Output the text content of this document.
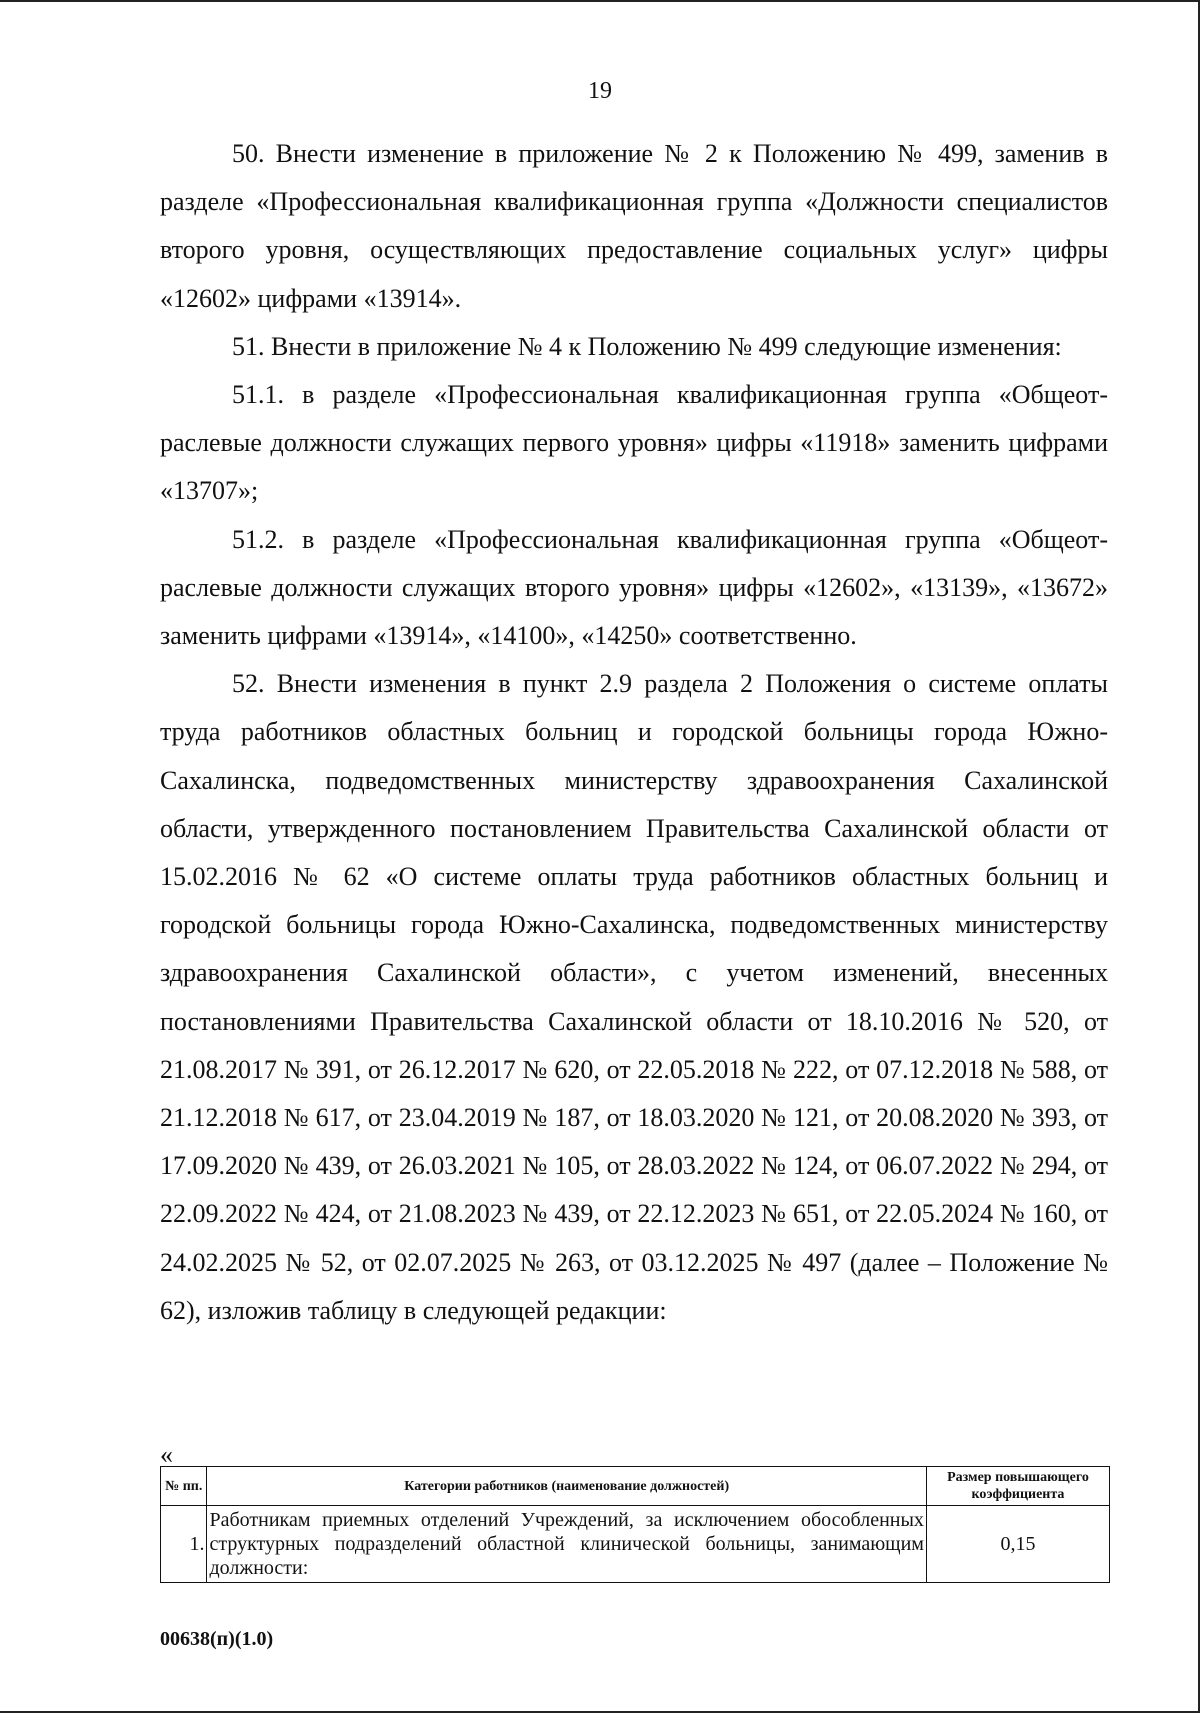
19

50. Внести изменение в приложение № 2 к Положению № 499, заменив в разделе «Профессиональная квалификационная группа «Должности специалистов второго уровня, осуществляющих предоставление социальных услуг» цифры «12602» цифрами «13914».

51. Внести в приложение № 4 к Положению № 499 следующие изменения:

51.1. в разделе «Профессиональная квалификационная группа «Общеотраслевые должности служащих первого уровня» цифры «11918» заменить цифрами «13707»;

51.2. в разделе «Профессиональная квалификационная группа «Общеотраслевые должности служащих второго уровня» цифры «12602», «13139», «13672» заменить цифрами «13914», «14100», «14250» соответственно.

52. Внести изменения в пункт 2.9 раздела 2 Положения о системе оплаты труда работников областных больниц и городской больницы города Южно-Сахалинска, подведомственных министерству здравоохранения Сахалинской области, утвержденного постановлением Правительства Сахалинской области от 15.02.2016 № 62 «О системе оплаты труда работников областных больниц и городской больницы города Южно-Сахалинска, подведомственных министерству здравоохранения Сахалинской области», с учетом изменений, внесенных постановлениями Правительства Сахалинской области от 18.10.2016 № 520, от 21.08.2017 № 391, от 26.12.2017 № 620, от 22.05.2018 № 222, от 07.12.2018 № 588, от 21.12.2018 № 617, от 23.04.2019 № 187, от 18.03.2020 № 121, от 20.08.2020 № 393, от 17.09.2020 № 439, от 26.03.2021 № 105, от 28.03.2022 № 124, от 06.07.2022 № 294, от 22.09.2022 № 424, от 21.08.2023 № 439, от 22.12.2023 № 651, от 22.05.2024 № 160, от 24.02.2025 № 52, от 02.07.2025 № 263, от 03.12.2025 № 497 (далее – Положение № 62), изложив таблицу в следующей редакции:

«
№ пп.	Категории работников (наименование должностей)	Размер повышающего коэффициента
1.	Работникам приемных отделений Учреждений, за исключением обособленных структурных подразделений областной клинической больницы, занимающим должности:	0,15
00638(п)(1.0)
